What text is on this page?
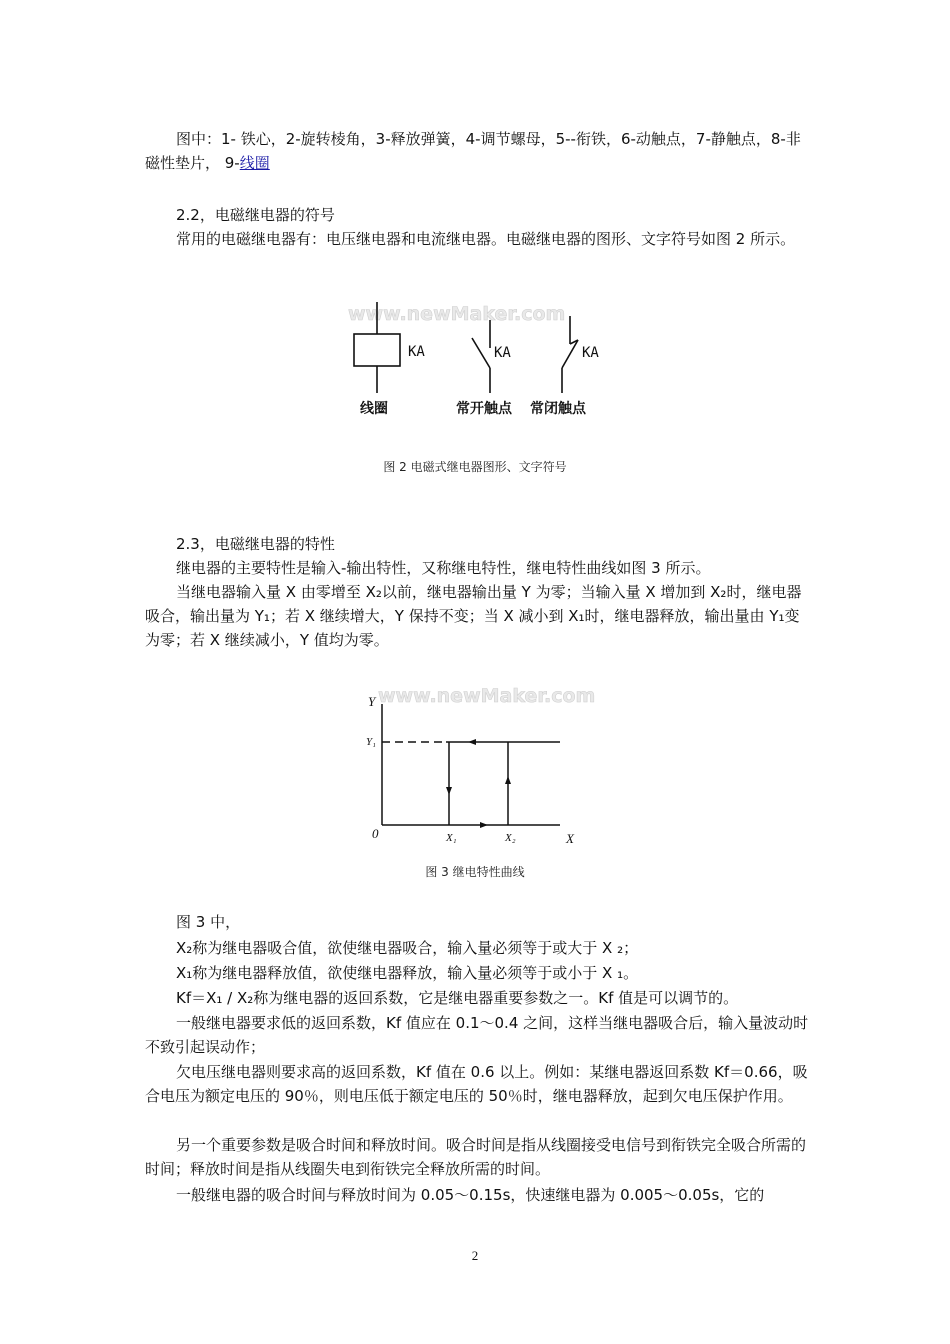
图中：1- 铁心，2-旋转棱角，3-释放弹簧，4-调节螺母，5--衔铁，6-动触点，7-静触点，8-非磁性垫片， 9-线圈

2.2，电磁继电器的符号

常用的电磁继电器有：电压继电器和电流继电器。电磁继电器的图形、文字符号如图 2 所示。

www.newMaker.com
KA	KA	KA
线圈	常开触点 常闭触点
图 2 电磁式继电器图形、文字符号

2.3，电磁继电器的特性

继电器的主要特性是输入-输出特性，又称继电特性，继电特性曲线如图 3 所示。

当继电器输入量 X 由零增至 X₂以前，继电器输出量 Y 为零；当输入量 X 增加到 X₂时，继电器吸合，输出量为 Y₁；若 X 继续增大，Y 保持不变；当 X 减小到 X₁时，继电器释放，输出量由 Y₁变为零；若 X 继续减小，Y 值均为零。

www.newMaker.com
Y
Y₁
0	X₁	X₂	X
图 3 继电特性曲线

图 3 中，

X₂称为继电器吸合值，欲使继电器吸合，输入量必须等于或大于 X ₂；

X₁称为继电器释放值，欲使继电器释放，输入量必须等于或小于 X ₁。

Kf＝X₁ / X₂称为继电器的返回系数，它是继电器重要参数之一。Kf 值是可以调节的。

一般继电器要求低的返回系数，Kf 值应在 0.1～0.4 之间，这样当继电器吸合后，输入量波动时不致引起误动作；

欠电压继电器则要求高的返回系数，Kf 值在 0.6 以上。例如：某继电器返回系数 Kf＝0.66，吸合电压为额定电压的 90％，则电压低于额定电压的 50％时，继电器释放，起到欠电压保护作用。

另一个重要参数是吸合时间和释放时间。吸合时间是指从线圈接受电信号到衔铁完全吸合所需的时间；释放时间是指从线圈失电到衔铁完全释放所需的时间。

一般继电器的吸合时间与释放时间为 0.05～0.15s，快速继电器为 0.005～0.05s，它的

2
